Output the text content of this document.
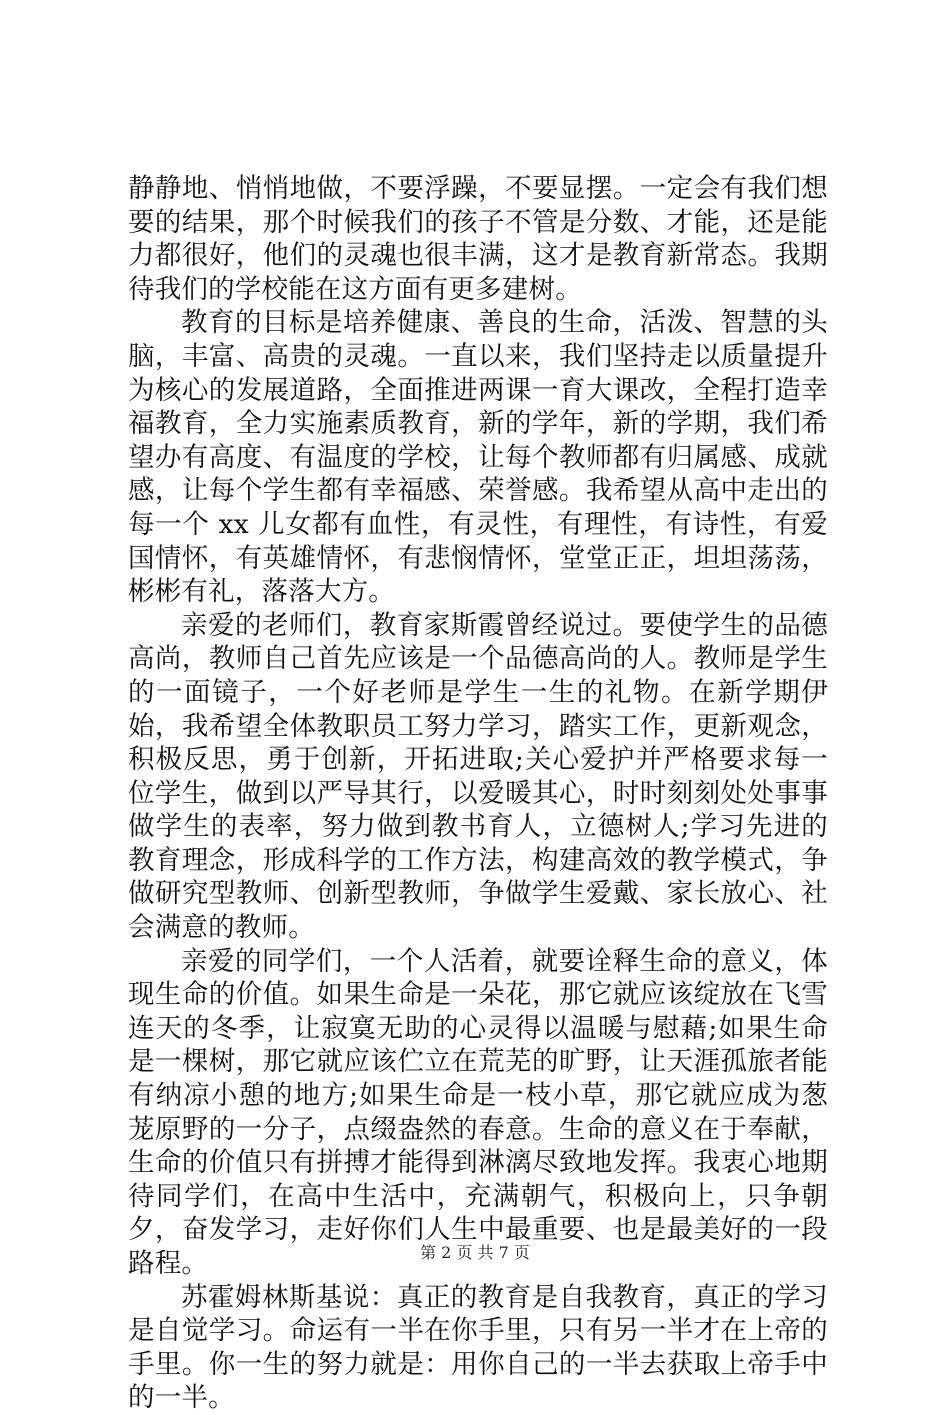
静静地、悄悄地做，不要浮躁，不要显摆。一定会有我们想要的结果，那个时候我们的孩子不管是分数、才能，还是能力都很好，他们的灵魂也很丰满，这才是教育新常态。我期待我们的学校能在这方面有更多建树。

教育的目标是培养健康、善良的生命，活泼、智慧的头脑，丰富、高贵的灵魂。一直以来，我们坚持走以质量提升为核心的发展道路，全面推进两课一育大课改，全程打造幸福教育，全力实施素质教育，新的学年，新的学期，我们希望办有高度、有温度的学校，让每个教师都有归属感、成就感，让每个学生都有幸福感、荣誉感。我希望从高中走出的每一个 xx 儿女都有血性，有灵性，有理性，有诗性，有爱国情怀，有英雄情怀，有悲悯情怀，堂堂正正，坦坦荡荡，彬彬有礼，落落大方。

亲爱的老师们，教育家斯霞曾经说过。要使学生的品德高尚，教师自己首先应该是一个品德高尚的人。教师是学生的一面镜子，一个好老师是学生一生的礼物。在新学期伊始，我希望全体教职员工努力学习，踏实工作，更新观念，积极反思，勇于创新，开拓进取;关心爱护并严格要求每一位学生，做到以严导其行，以爱暖其心，时时刻刻处处事事做学生的表率，努力做到教书育人，立德树人;学习先进的教育理念，形成科学的工作方法，构建高效的教学模式，争做研究型教师、创新型教师，争做学生爱戴、家长放心、社会满意的教师。

亲爱的同学们，一个人活着，就要诠释生命的意义，体现生命的价值。如果生命是一朵花，那它就应该绽放在飞雪连天的冬季，让寂寞无助的心灵得以温暖与慰藉;如果生命是一棵树，那它就应该伫立在荒芜的旷野，让天涯孤旅者能有纳凉小憩的地方;如果生命是一枝小草，那它就应成为葱茏原野的一分子，点缀盎然的春意。生命的意义在于奉献，生命的价值只有拼搏才能得到淋漓尽致地发挥。我衷心地期待同学们，在高中生活中，充满朝气，积极向上，只争朝夕，奋发学习，走好你们人生中最重要、也是最美好的一段路程。

苏霍姆林斯基说：真正的教育是自我教育，真正的学习是自觉学习。命运有一半在你手里，只有另一半才在上帝的手里。你一生的努力就是：用你自己的一半去获取上帝手中的一半。

第 2 页 共 7 页
